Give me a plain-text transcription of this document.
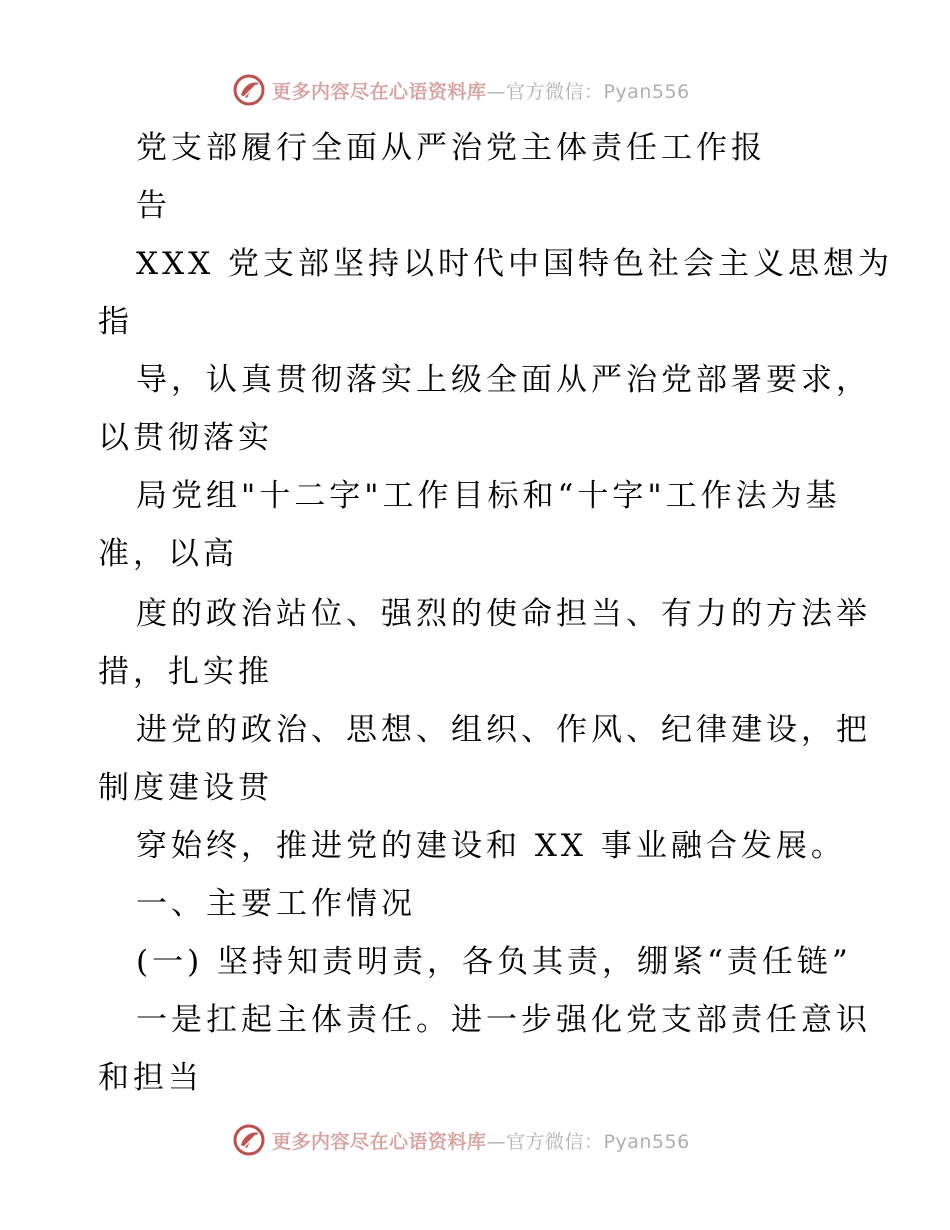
更多内容尽在心语资料库 —官方微信：Pyan556
党支部履行全面从严治党主体责任工作报
告
XXX 党支部坚持以时代中国特色社会主义思想为
指
导，认真贯彻落实上级全面从严治党部署要求，
以贯彻落实
局党组"十二字"工作目标和“十字"工作法为基
准，以高
度的政治站位、强烈的使命担当、有力的方法举
措，扎实推
进党的政治、思想、组织、作风、纪律建设，把
制度建设贯
穿始终，推进党的建设和 XX 事业融合发展。
一、主要工作情况
(一) 坚持知责明责，各负其责，绷紧“责任链”
一是扛起主体责任。进一步强化党支部责任意识
和担当
更多内容尽在心语资料库 —官方微信：Pyan556
